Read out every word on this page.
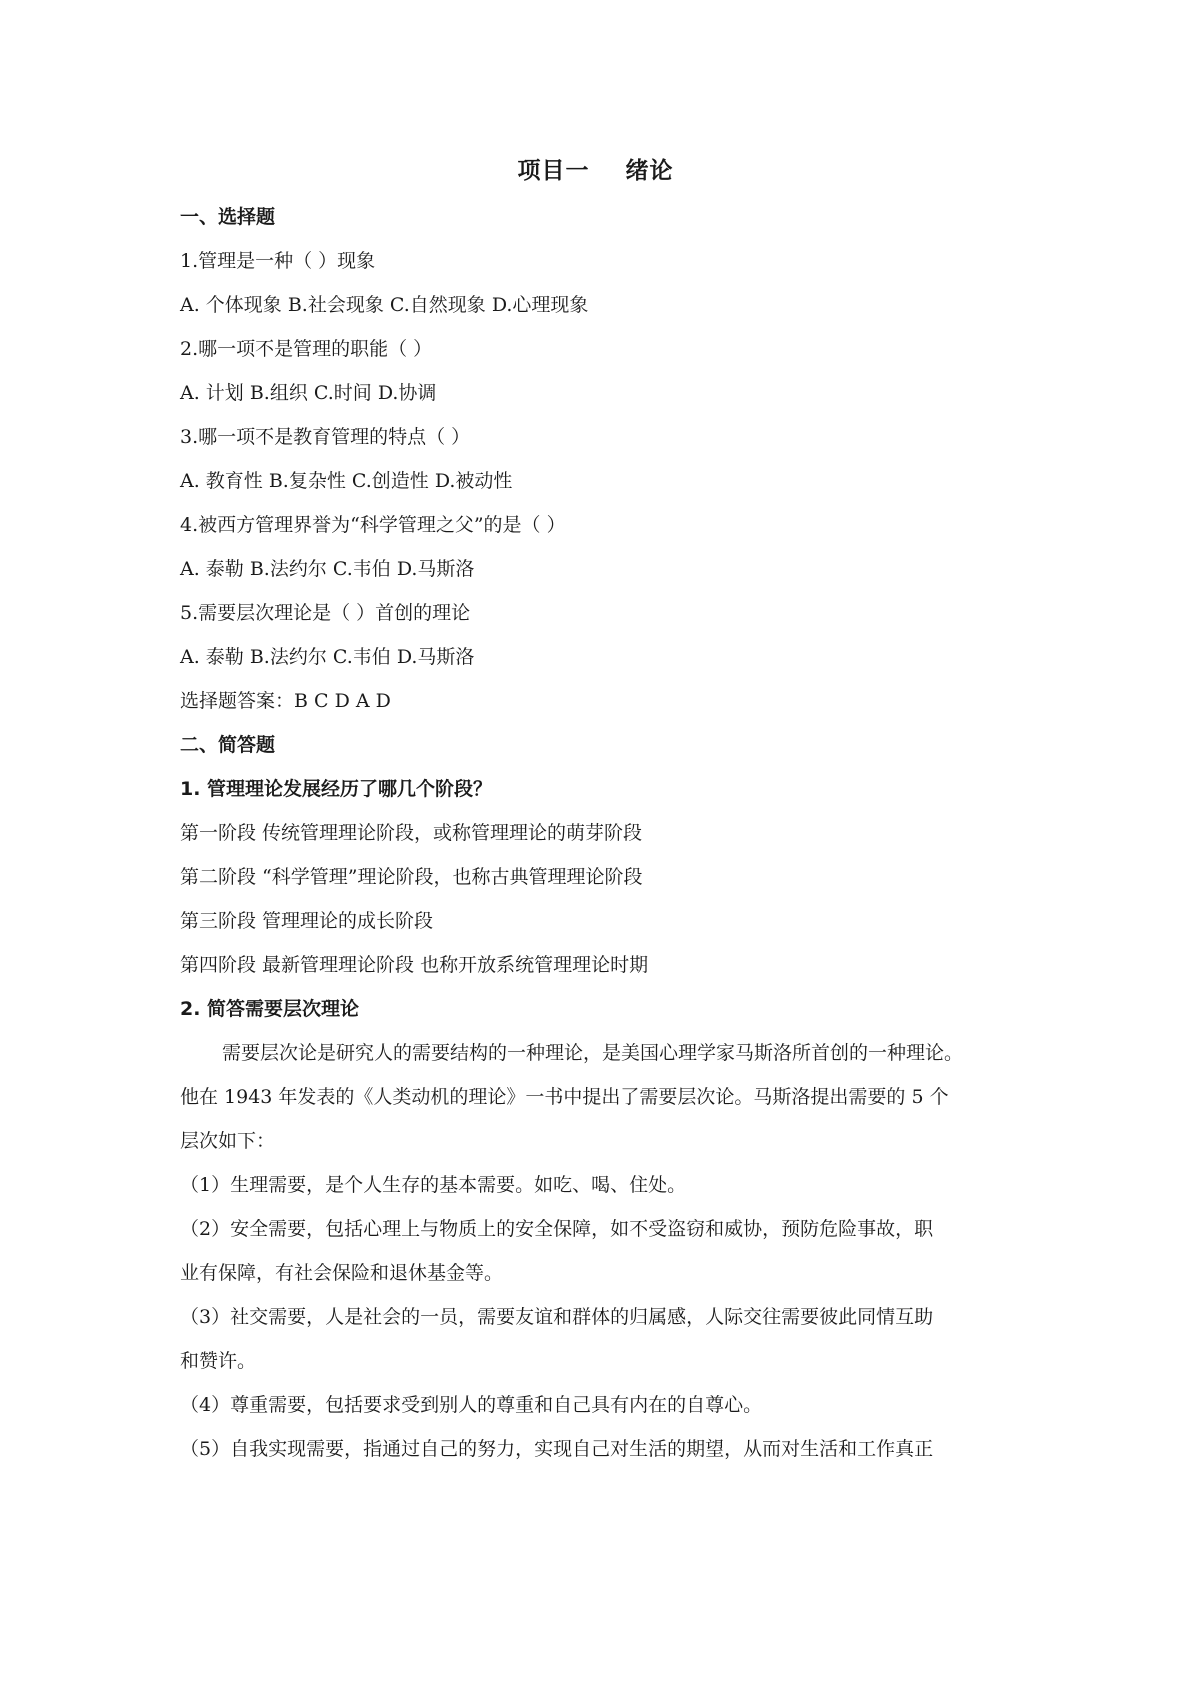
项目一 绪论
一、选择题
1.管理是一种（ ）现象
A. 个体现象 B.社会现象 C.自然现象 D.心理现象
2.哪一项不是管理的职能（ ）
A. 计划 B.组织 C.时间 D.协调
3.哪一项不是教育管理的特点（ ）
A. 教育性 B.复杂性 C.创造性 D.被动性
4.被西方管理界誉为“科学管理之父”的是（ ）
A. 泰勒 B.法约尔 C.韦伯 D.马斯洛
5.需要层次理论是（ ）首创的理论
A. 泰勒 B.法约尔 C.韦伯 D.马斯洛
选择题答案：B C D A D
二、简答题
1. 管理理论发展经历了哪几个阶段？
第一阶段 传统管理理论阶段，或称管理理论的萌芽阶段
第二阶段 “科学管理”理论阶段，也称古典管理理论阶段
第三阶段 管理理论的成长阶段
第四阶段 最新管理理论阶段 也称开放系统管理理论时期
2. 简答需要层次理论
需要层次论是研究人的需要结构的一种理论，是美国心理学家马斯洛所首创的一种理论。
他在 1943 年发表的《人类动机的理论》一书中提出了需要层次论。马斯洛提出需要的 5 个
层次如下：
（1）生理需要，是个人生存的基本需要。如吃、喝、住处。
（2）安全需要，包括心理上与物质上的安全保障，如不受盗窃和威协，预防危险事故，职
业有保障，有社会保险和退休基金等。
（3）社交需要，人是社会的一员，需要友谊和群体的归属感，人际交往需要彼此同情互助
和赞许。
（4）尊重需要，包括要求受到别人的尊重和自己具有内在的自尊心。
（5）自我实现需要，指通过自己的努力，实现自己对生活的期望，从而对生活和工作真正
